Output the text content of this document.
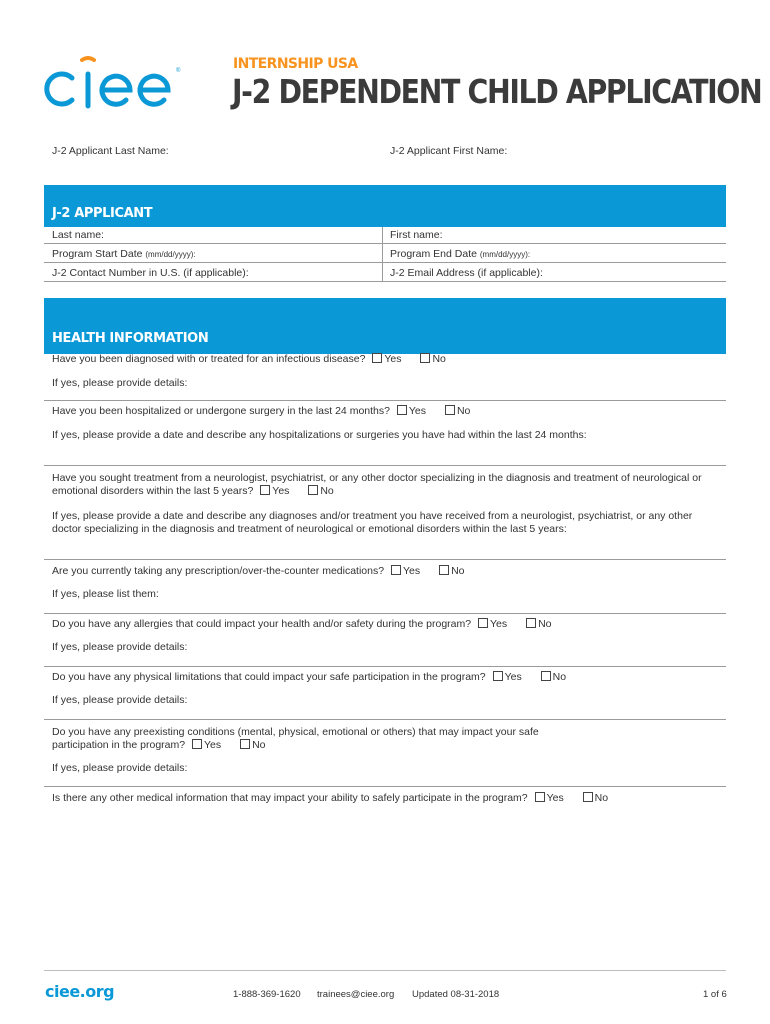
®	INTERNSHIP USA
J-2 DEPENDENT CHILD APPLICATION
J-2 Applicant Last Name:	J-2 Applicant First Name:
J-2 APPLICANT
Last name:	First name:
Program Start Date (mm/dd/yyyy):	Program End Date (mm/dd/yyyy):
J-2 Contact Number in U.S. (if applicable):	J-2 Email Address (if applicable):
HEALTH INFORMATION
Have you been diagnosed with or treated for an infectious disease? Yes	No
If yes, please provide details:
Have you been hospitalized or undergone surgery in the last 24 months? Yes	No
If yes, please provide a date and describe any hospitalizations or surgeries you have had within the last 24 months:
Have you sought treatment from a neurologist, psychiatrist, or any other doctor specializing in the diagnosis and treatment of neurological or emotional disorders within the last 5 years? Yes	No
If yes, please provide a date and describe any diagnoses and/or treatment you have received from a neurologist, psychiatrist, or any other doctor specializing in the diagnosis and treatment of neurological or emotional disorders within the last 5 years:
Are you currently taking any prescription/over-the-counter medications? Yes	No
If yes, please list them:
Do you have any allergies that could impact your health and/or safety during the program? Yes	No
If yes, please provide details:
Do you have any physical limitations that could impact your safe participation in the program? Yes	No
If yes, please provide details:
Do you have any preexisting conditions (mental, physical, emotional or others) that may impact your safe participation in the program? Yes	No
If yes, please provide details:
Is there any other medical information that may impact your ability to safely participate in the program? Yes	No
ciee.org	1-888-369-1620 trainees@ciee.org Updated 08-31-2018	1 of 6
